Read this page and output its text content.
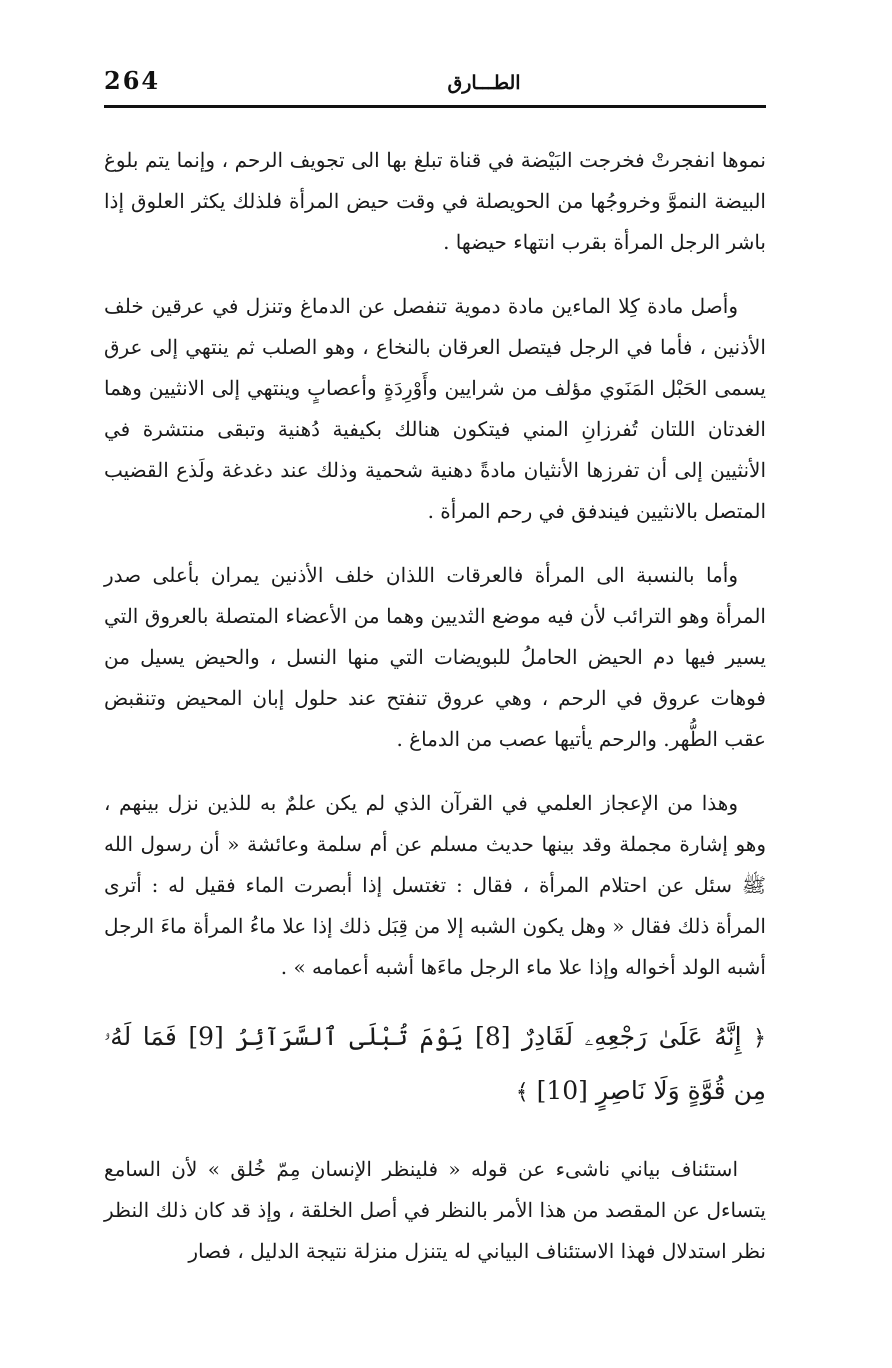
264	الطـــارق

نموها انفجرتْ فخرجت البَيْضة في قناة تبلغ بها الى تجويف الرحم ، وإنما يتم بلوغ البيضة النموَّ وخروجُها من الحويصلة في وقت حيض المرأة فلذلك يكثر العلوق إذا باشر الرجل المرأة بقرب انتهاء حيضها .

وأصل مادة كِلا الماءين مادة دموية تنفصل عن الدماغ وتنزل في عرقين خلف الأذنين ، فأما في الرجل فيتصل العرقان بالنخاع ، وهو الصلب ثم ينتهي إلى عرق يسمى الحَبْل المَنَوي مؤلف من شرايين وأَوْرِدَةٍ وأعصابٍ وينتهي إلى الانثيين وهما الغدتان اللتان تُفرزانِ المني فيتكون هنالك بكيفية دُهنية وتبقى منتشرة في الأنثيين إلى أن تفرزها الأنثيان مادةً دهنية شحمية وذلك عند دغدغة ولَذع القضيب المتصل بالانثيين فيندفق في رحم المرأة .

وأما بالنسبة الى المرأة فالعرقات اللذان خلف الأذنين يمران بأعلى صدر المرأة وهو الترائب لأن فيه موضع الثديين وهما من الأعضاء المتصلة بالعروق التي يسير فيها دم الحيض الحاملُ للبويضات التي منها النسل ، والحيض يسيل من فوهات عروق في الرحم ، وهي عروق تنفتح عند حلول إبان المحيض وتنقبض عقب الطُّهر. والرحم يأتيها عصب من الدماغ .

وهذا من الإعجاز العلمي في القرآن الذي لم يكن علمٌ به للذين نزل بينهم ، وهو إشارة مجملة وقد بينها حديث مسلم عن أم سلمة وعائشة « أن رسول الله ﷺ سئل عن احتلام المرأة ، فقال : تغتسل إذا أبصرت الماء فقيل له : أترى المرأة ذلك فقال « وهل يكون الشبه إلا من قِبَل ذلك إذا علا ماءُ المرأة ماءَ الرجل أشبه الولد أخواله وإذا علا ماء الرجل ماءَها أشبه أعمامه » .

﴿ إِنَّهُ عَلَىٰ رَجْعِهِۦ لَقَادِرٌ [8] يَوْمَ تُبْلَى ٱلسَّرَآئِرُ [9] فَمَا لَهُۥ مِن قُوَّةٍ وَلَا نَاصِرٍ [10] ﴾

استئناف بياني ناشىء عن قوله « فلينظر الإنسان مِمّ خُلق » لأن السامع يتساءل عن المقصد من هذا الأمر بالنظر في أصل الخلقة ، وإذ قد كان ذلك النظر نظر استدلال فهذا الاستئناف البياني له يتنزل منزلة نتيجة الدليل ، فصار
